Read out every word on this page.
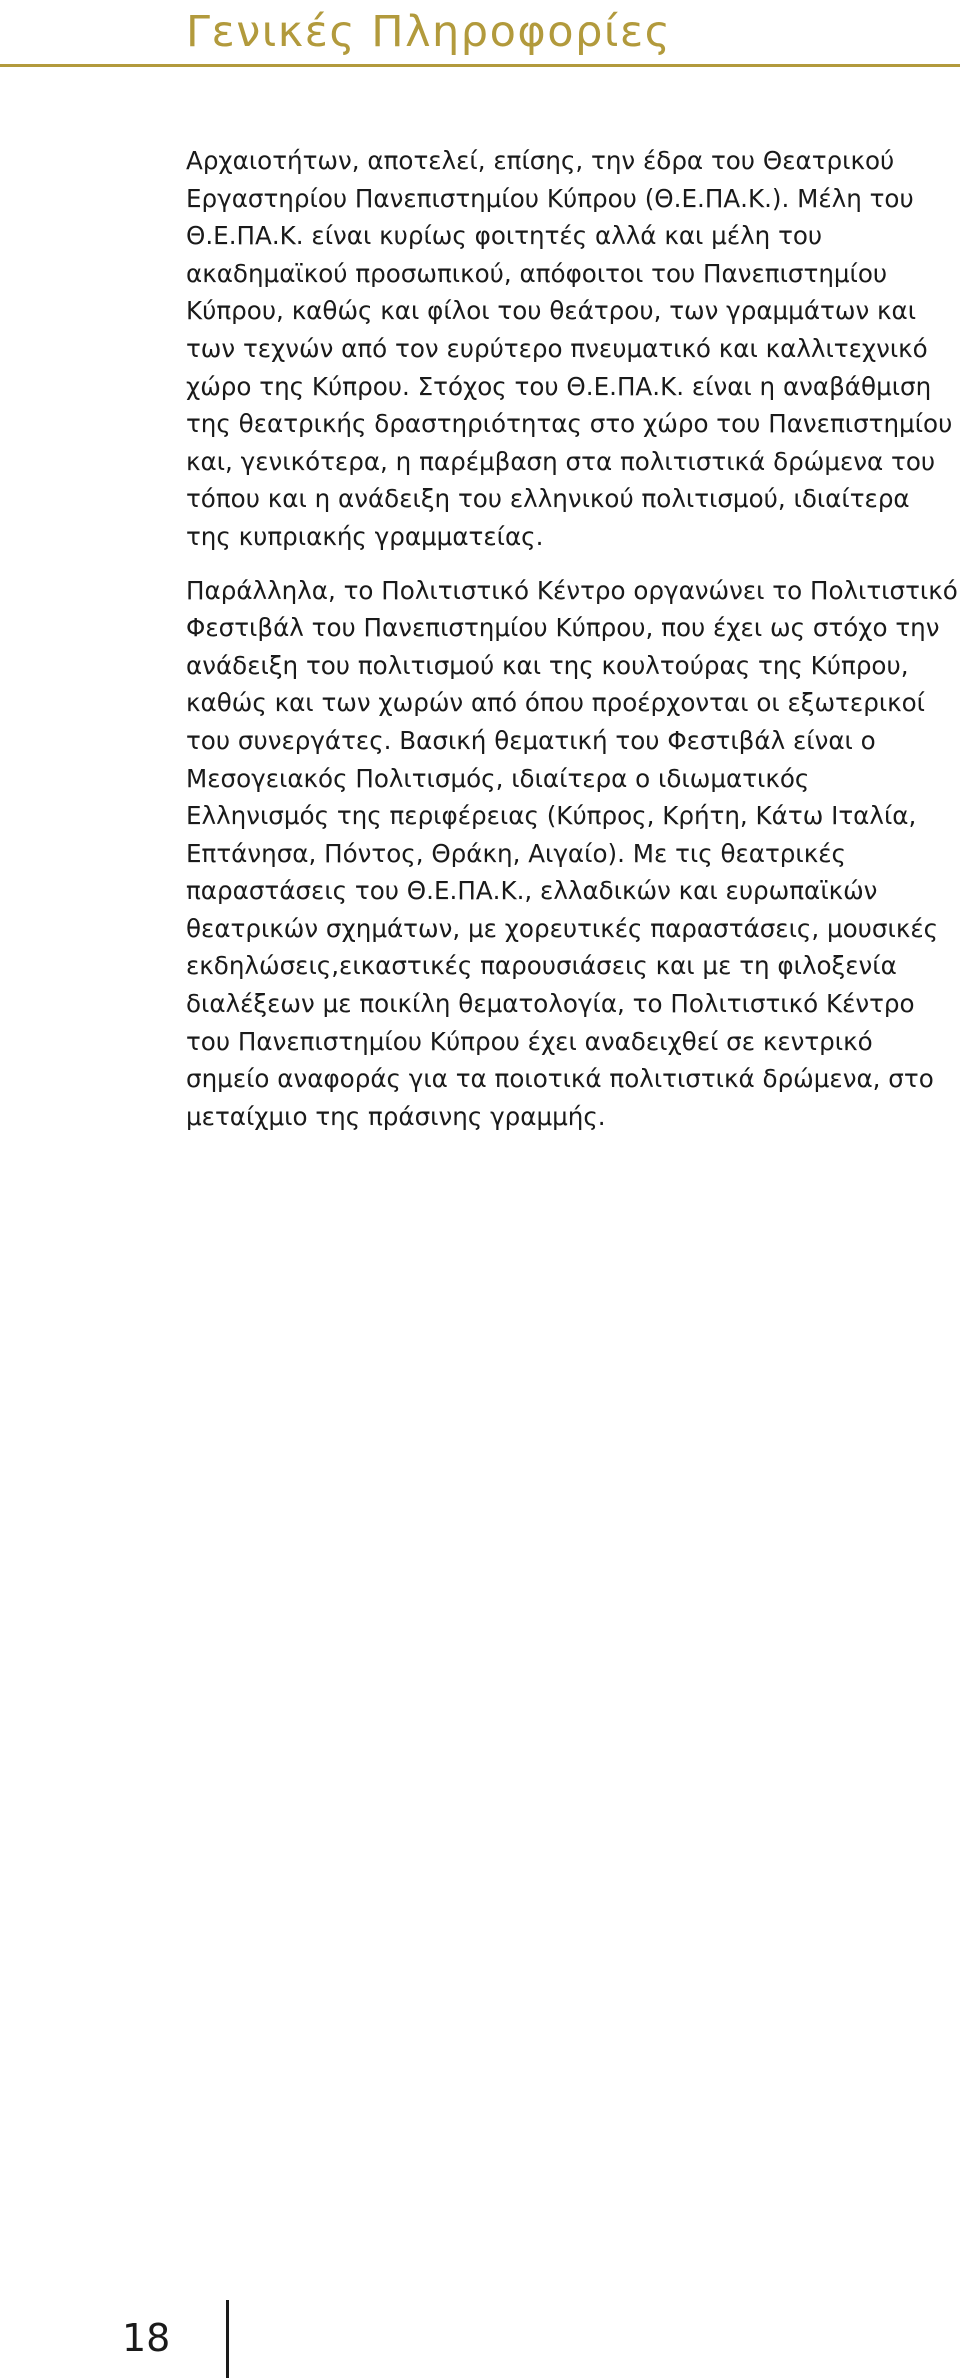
Γενικές Πληροφορίες

Αρχαιοτήτων, αποτελεί, επίσης, την έδρα του Θεατρικού Εργαστηρίου Πανεπιστημίου Κύπρου (Θ.Ε.ΠΑ.Κ.). Μέλη του Θ.Ε.ΠΑ.Κ. είναι κυρίως φοιτητές αλλά και μέλη του ακαδημαϊκού προσωπικού, απόφοιτοι του Πανεπιστημίου Κύπρου, καθώς και φίλοι του θεάτρου, των γραμμάτων και των τεχνών από τον ευρύτερο πνευματικό και καλλιτεχνικό χώρο της Κύπρου. Στόχος του Θ.Ε.ΠΑ.Κ. είναι η αναβάθμιση της θεατρικής δραστηριότητας στο χώρο του Πανεπιστημίου και, γενικότερα, η παρέμβαση στα πολιτιστικά δρώμενα του τόπου και η ανάδειξη του ελληνικού πολιτισμού, ιδιαίτερα της κυπριακής γραμματείας.

Παράλληλα, το Πολιτιστικό Κέντρο οργανώνει το Πολιτιστικό Φεστιβάλ του Πανεπιστημίου Κύπρου, που έχει ως στόχο την ανάδειξη του πολιτισμού και της κουλτούρας της Κύπρου, καθώς και των χωρών από όπου προέρχονται οι εξωτερικοί του συνεργάτες. Βασική θεματική του Φεστιβάλ είναι ο Μεσογειακός Πολιτισμός, ιδιαίτερα ο ιδιωματικός Ελληνισμός της περιφέρειας (Κύπρος, Κρήτη, Κάτω Ιταλία, Επτάνησα, Πόντος, Θράκη, Αιγαίο). Με τις θεατρικές παραστάσεις του Θ.Ε.ΠΑ.Κ., ελλαδικών και ευρωπαϊκών θεατρικών σχημάτων, με χορευτικές παραστάσεις, μουσικές εκδηλώσεις,εικαστικές παρουσιάσεις και με τη φιλοξενία διαλέξεων με ποικίλη θεματολογία, το Πολιτιστικό Κέντρο του Πανεπιστημίου Κύπρου έχει αναδειχθεί σε κεντρικό σημείο αναφοράς για τα ποιοτικά πολιτιστικά δρώμενα, στο μεταίχμιο της πράσινης γραμμής.

18
